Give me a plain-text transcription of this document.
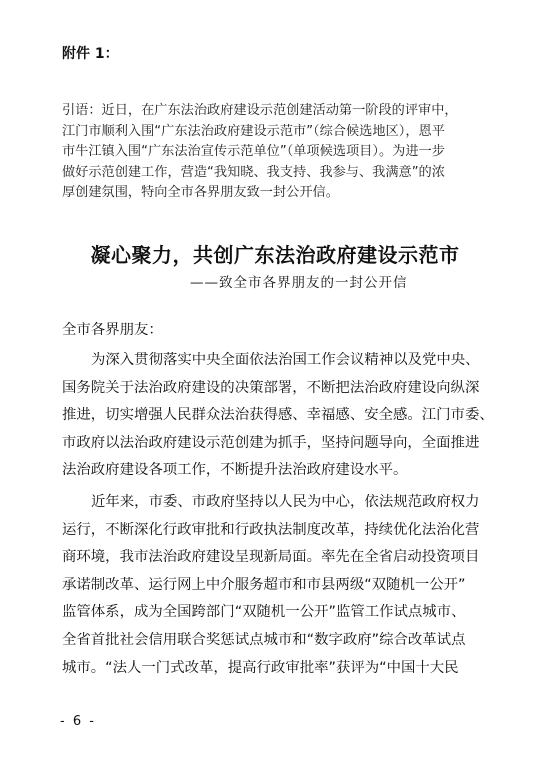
附件 1：

引语：近日，在广东法治政府建设示范创建活动第一阶段的评审中，

江门市顺利入围“广东法治政府建设示范市”（综合候选地区），恩平

市牛江镇入围“广东法治宣传示范单位”（单项候选项目）。为进一步

做好示范创建工作，营造“我知晓、我支持、我参与、我满意”的浓

厚创建氛围，特向全市各界朋友致一封公开信。

凝心聚力，共创广东法治政府建设示范市
——致全市各界朋友的一封公开信
全市各界朋友：

为深入贯彻落实中央全面依法治国工作会议精神以及党中央、

国务院关于法治政府建设的决策部署，不断把法治政府建设向纵深

推进，切实增强人民群众法治获得感、幸福感、安全感。江门市委、

市政府以法治政府建设示范创建为抓手，坚持问题导向，全面推进

法治政府建设各项工作，不断提升法治政府建设水平。

近年来，市委、市政府坚持以人民为中心，依法规范政府权力

运行，不断深化行政审批和行政执法制度改革，持续优化法治化营

商环境，我市法治政府建设呈现新局面。率先在全省启动投资项目

承诺制改革、运行网上中介服务超市和市县两级“双随机一公开”

监管体系，成为全国跨部门“双随机一公开”监管工作试点城市、

全省首批社会信用联合奖惩试点城市和“数字政府”综合改革试点

城市。“法人一门式改革，提高行政审批率”获评为“中国十大民

- 6 -
